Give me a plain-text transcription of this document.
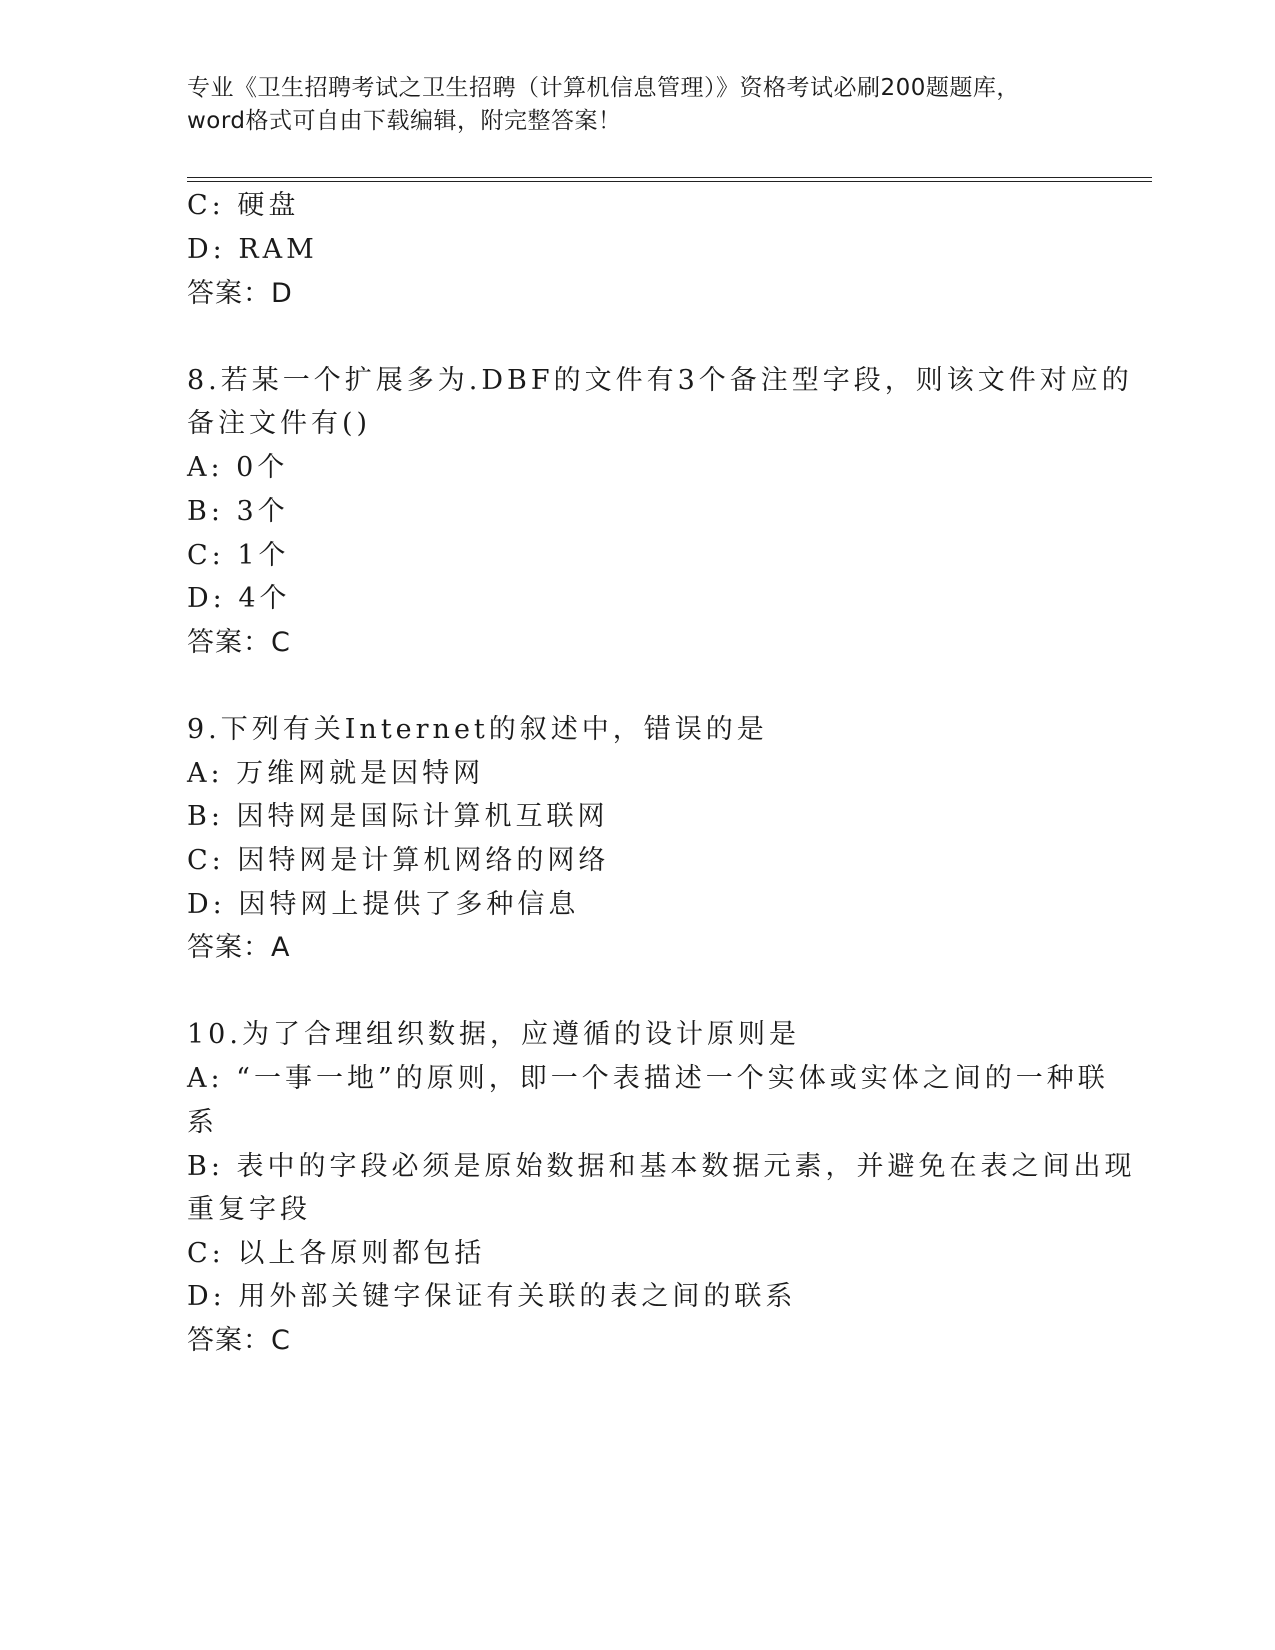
专业《卫生招聘考试之卫生招聘（计算机信息管理）》资格考试必刷200题题库，
word格式可自由下载编辑，附完整答案！
C: 硬盘
D: RAM
答案：D
8.若某一个扩展多为.DBF的文件有3个备注型字段，则该文件对应的
备注文件有()
A: 0个
B: 3个
C: 1个
D: 4个
答案：C
9.下列有关Internet的叙述中，错误的是
A: 万维网就是因特网
B: 因特网是国际计算机互联网
C: 因特网是计算机网络的网络
D: 因特网上提供了多种信息
答案：A
10.为了合理组织数据，应遵循的设计原则是
A: “一事一地”的原则，即一个表描述一个实体或实体之间的一种联
系
B: 表中的字段必须是原始数据和基本数据元素，并避免在表之间出现
重复字段
C: 以上各原则都包括
D: 用外部关键字保证有关联的表之间的联系
答案：C
